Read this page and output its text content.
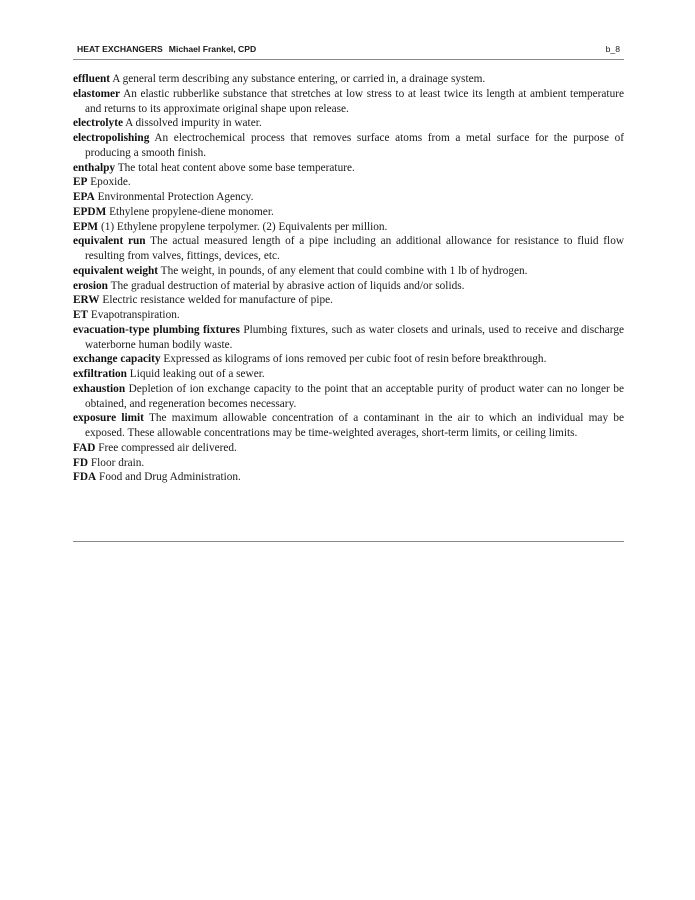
HEAT EXCHANGERS Michael Frankel, CPD	b_8
effluent A general term describing any substance entering, or carried in, a drainage system.
elastomer An elastic rubberlike substance that stretches at low stress to at least twice its length at ambient temperature and returns to its approximate original shape upon release.
electrolyte A dissolved impurity in water.
electropolishing An electrochemical process that removes surface atoms from a metal surface for the purpose of producing a smooth finish.
enthalpy The total heat content above some base temperature.
EP Epoxide.
EPA Environmental Protection Agency.
EPDM Ethylene propylene-diene monomer.
EPM (1) Ethylene propylene terpolymer. (2) Equivalents per million.
equivalent run The actual measured length of a pipe including an additional allowance for resistance to fluid flow resulting from valves, fittings, devices, etc.
equivalent weight The weight, in pounds, of any element that could combine with 1 lb of hydrogen.
erosion The gradual destruction of material by abrasive action of liquids and/or solids.
ERW Electric resistance welded for manufacture of pipe.
ET Evapotranspiration.
evacuation-type plumbing fixtures Plumbing fixtures, such as water closets and urinals, used to receive and discharge waterborne human bodily waste.
exchange capacity Expressed as kilograms of ions removed per cubic foot of resin before breakthrough.
exfiltration Liquid leaking out of a sewer.
exhaustion Depletion of ion exchange capacity to the point that an acceptable purity of product water can no longer be obtained, and regeneration becomes necessary.
exposure limit The maximum allowable concentration of a contaminant in the air to which an individual may be exposed. These allowable concentrations may be time-weighted averages, short-term limits, or ceiling limits.
FAD Free compressed air delivered.
FD Floor drain.
FDA Food and Drug Administration.
